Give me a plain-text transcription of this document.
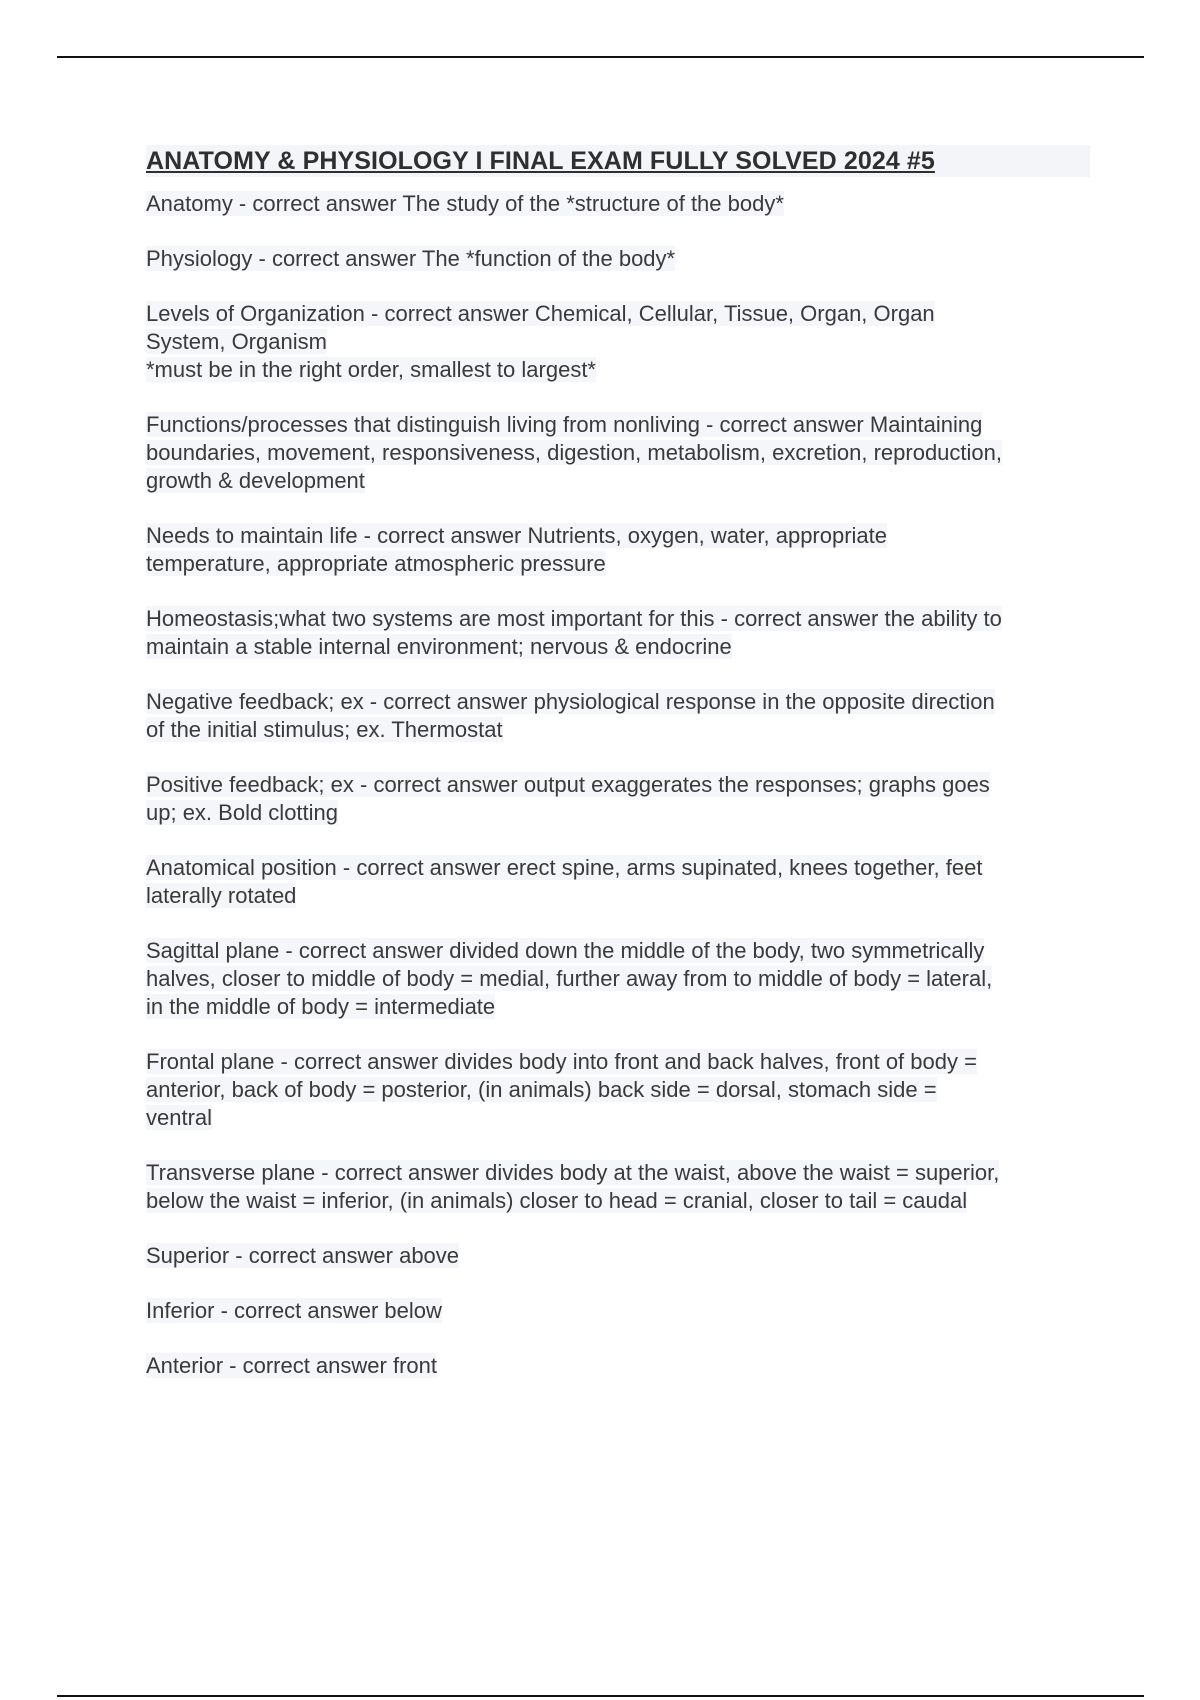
ANATOMY & PHYSIOLOGY I FINAL EXAM FULLY SOLVED 2024 #5
Anatomy - correct answer The study of the *structure of the body*
Physiology - correct answer The *function of the body*
Levels of Organization - correct answer Chemical, Cellular, Tissue, Organ, Organ
System, Organism
*must be in the right order, smallest to largest*
Functions/processes that distinguish living from nonliving - correct answer Maintaining
boundaries, movement, responsiveness, digestion, metabolism, excretion, reproduction,
growth & development
Needs to maintain life - correct answer Nutrients, oxygen, water, appropriate
temperature, appropriate atmospheric pressure
Homeostasis;what two systems are most important for this - correct answer the ability to
maintain a stable internal environment; nervous & endocrine
Negative feedback; ex - correct answer physiological response in the opposite direction
of the initial stimulus; ex. Thermostat
Positive feedback; ex - correct answer output exaggerates the responses; graphs goes
up; ex. Bold clotting
Anatomical position - correct answer erect spine, arms supinated, knees together, feet
laterally rotated
Sagittal plane - correct answer divided down the middle of the body, two symmetrically
halves, closer to middle of body = medial, further away from to middle of body = lateral,
in the middle of body = intermediate
Frontal plane - correct answer divides body into front and back halves, front of body =
anterior, back of body = posterior, (in animals) back side = dorsal, stomach side =
ventral
Transverse plane - correct answer divides body at the waist, above the waist = superior,
below the waist = inferior, (in animals) closer to head = cranial, closer to tail = caudal
Superior - correct answer above
Inferior - correct answer below
Anterior - correct answer front
